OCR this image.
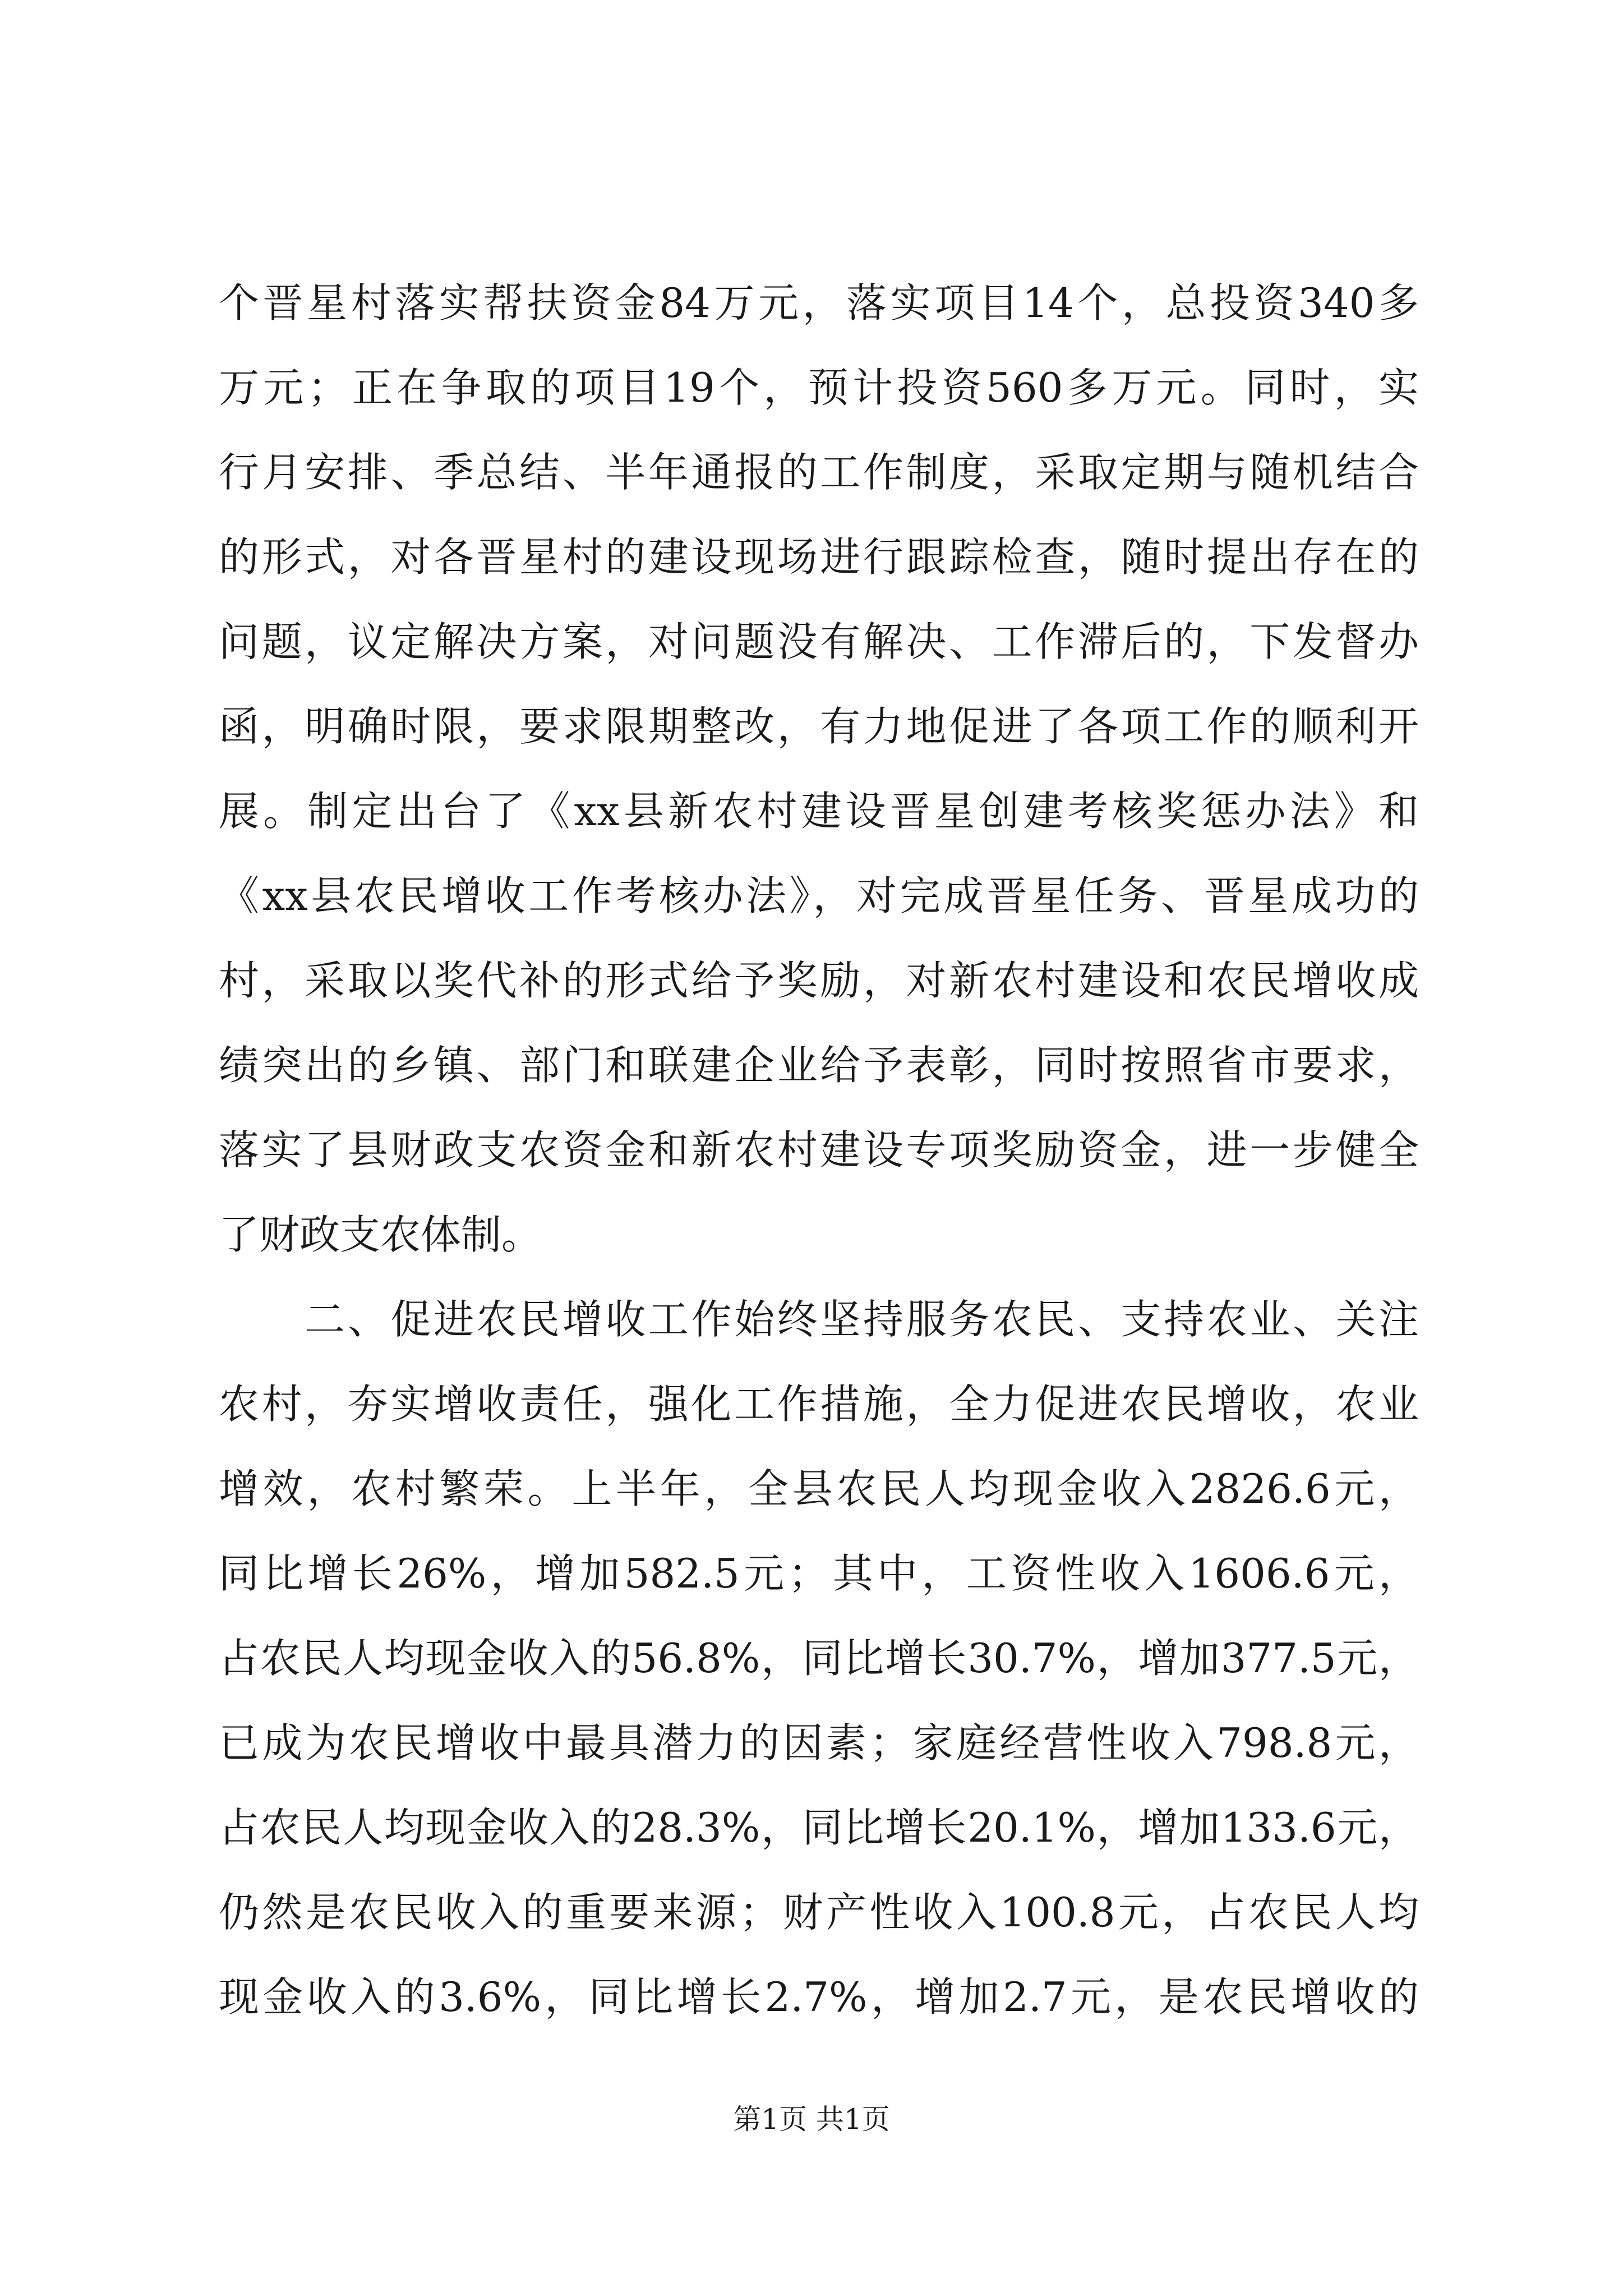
个晋星村落实帮扶资金84万元，落实项目14个，总投资340多
万元；正在争取的项目19个，预计投资560多万元。同时，实
行月安排、季总结、半年通报的工作制度，采取定期与随机结合
的形式，对各晋星村的建设现场进行跟踪检查，随时提出存在的
问题，议定解决方案，对问题没有解决、工作滞后的，下发督办
函，明确时限，要求限期整改，有力地促进了各项工作的顺利开
展。制定出台了《xx县新农村建设晋星创建考核奖惩办法》和
《xx县农民增收工作考核办法》，对完成晋星任务、晋星成功的
村，采取以奖代补的形式给予奖励，对新农村建设和农民增收成
绩突出的乡镇、部门和联建企业给予表彰，同时按照省市要求，
落实了县财政支农资金和新农村建设专项奖励资金，进一步健全
了财政支农体制。
　　二、促进农民增收工作始终坚持服务农民、支持农业、关注
农村，夯实增收责任，强化工作措施，全力促进农民增收，农业
增效，农村繁荣。上半年，全县农民人均现金收入2826.6元，
同比增长26%，增加582.5元；其中，工资性收入1606.6元，
占农民人均现金收入的56.8%，同比增长30.7%，增加377.5元，
已成为农民增收中最具潜力的因素；家庭经营性收入798.8元，
占农民人均现金收入的28.3%，同比增长20.1%，增加133.6元，
仍然是农民收入的重要来源；财产性收入100.8元，占农民人均
现金收入的3.6%，同比增长2.7%，增加2.7元，是农民增收的
第1页 共1页
